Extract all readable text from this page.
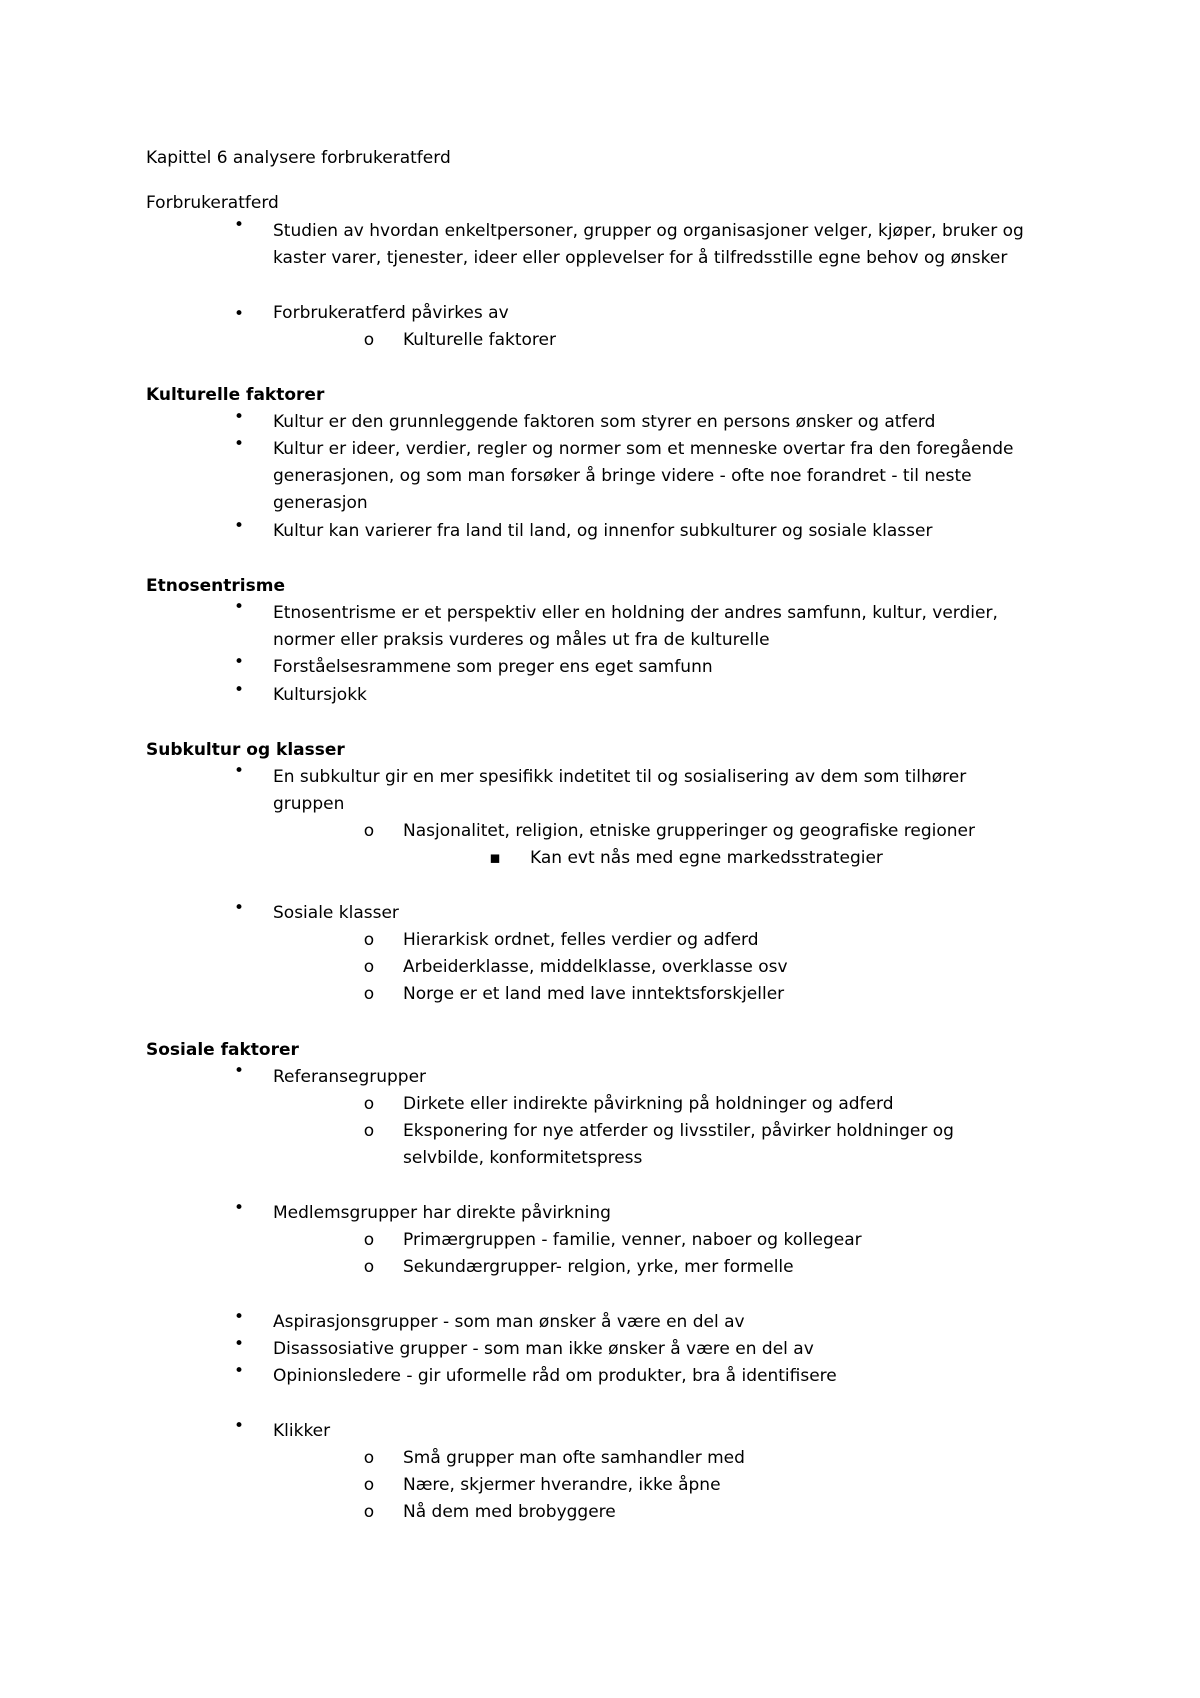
Kapittel 6 analysere forbrukeratferd
Forbrukeratferd
•	Studien av hvordan enkeltpersoner, grupper og organisasjoner velger, kjøper, bruker og
kaster varer, tjenester, ideer eller opplevelser for å tilfredsstille egne behov og ønsker
•	Forbrukeratferd påvirkes av
o	Kulturelle faktorer
Kulturelle faktorer
•	Kultur er den grunnleggende faktoren som styrer en persons ønsker og atferd
•	Kultur er ideer, verdier, regler og normer som et menneske overtar fra den foregående
generasjonen, og som man forsøker å bringe videre - ofte noe forandret - til neste
generasjon
•	Kultur kan varierer fra land til land, og innenfor subkulturer og sosiale klasser
Etnosentrisme
•	Etnosentrisme er et perspektiv eller en holdning der andres samfunn, kultur, verdier,
normer eller praksis vurderes og måles ut fra de kulturelle
•	Forståelsesrammene som preger ens eget samfunn
•	Kultursjokk
Subkultur og klasser
•	En subkultur gir en mer spesifikk indetitet til og sosialisering av dem som tilhører
gruppen
o	Nasjonalitet, religion, etniske grupperinger og geografiske regioner
▪	Kan evt nås med egne markedsstrategier
•	Sosiale klasser
o	Hierarkisk ordnet, felles verdier og adferd
o	Arbeiderklasse, middelklasse, overklasse osv
o	Norge er et land med lave inntektsforskjeller
Sosiale faktorer
•	Referansegrupper
o	Dirkete eller indirekte påvirkning på holdninger og adferd
o	Eksponering for nye atferder og livsstiler, påvirker holdninger og
selvbilde, konformitetspress
•	Medlemsgrupper har direkte påvirkning
o	Primærgruppen - familie, venner, naboer og kollegear
o	Sekundærgrupper- relgion, yrke, mer formelle
•	Aspirasjonsgrupper - som man ønsker å være en del av
•	Disassosiative grupper - som man ikke ønsker å være en del av
•	Opinionsledere - gir uformelle råd om produkter, bra å identifisere
•	Klikker
o	Små grupper man ofte samhandler med
o	Nære, skjermer hverandre, ikke åpne
o	Nå dem med brobyggere
